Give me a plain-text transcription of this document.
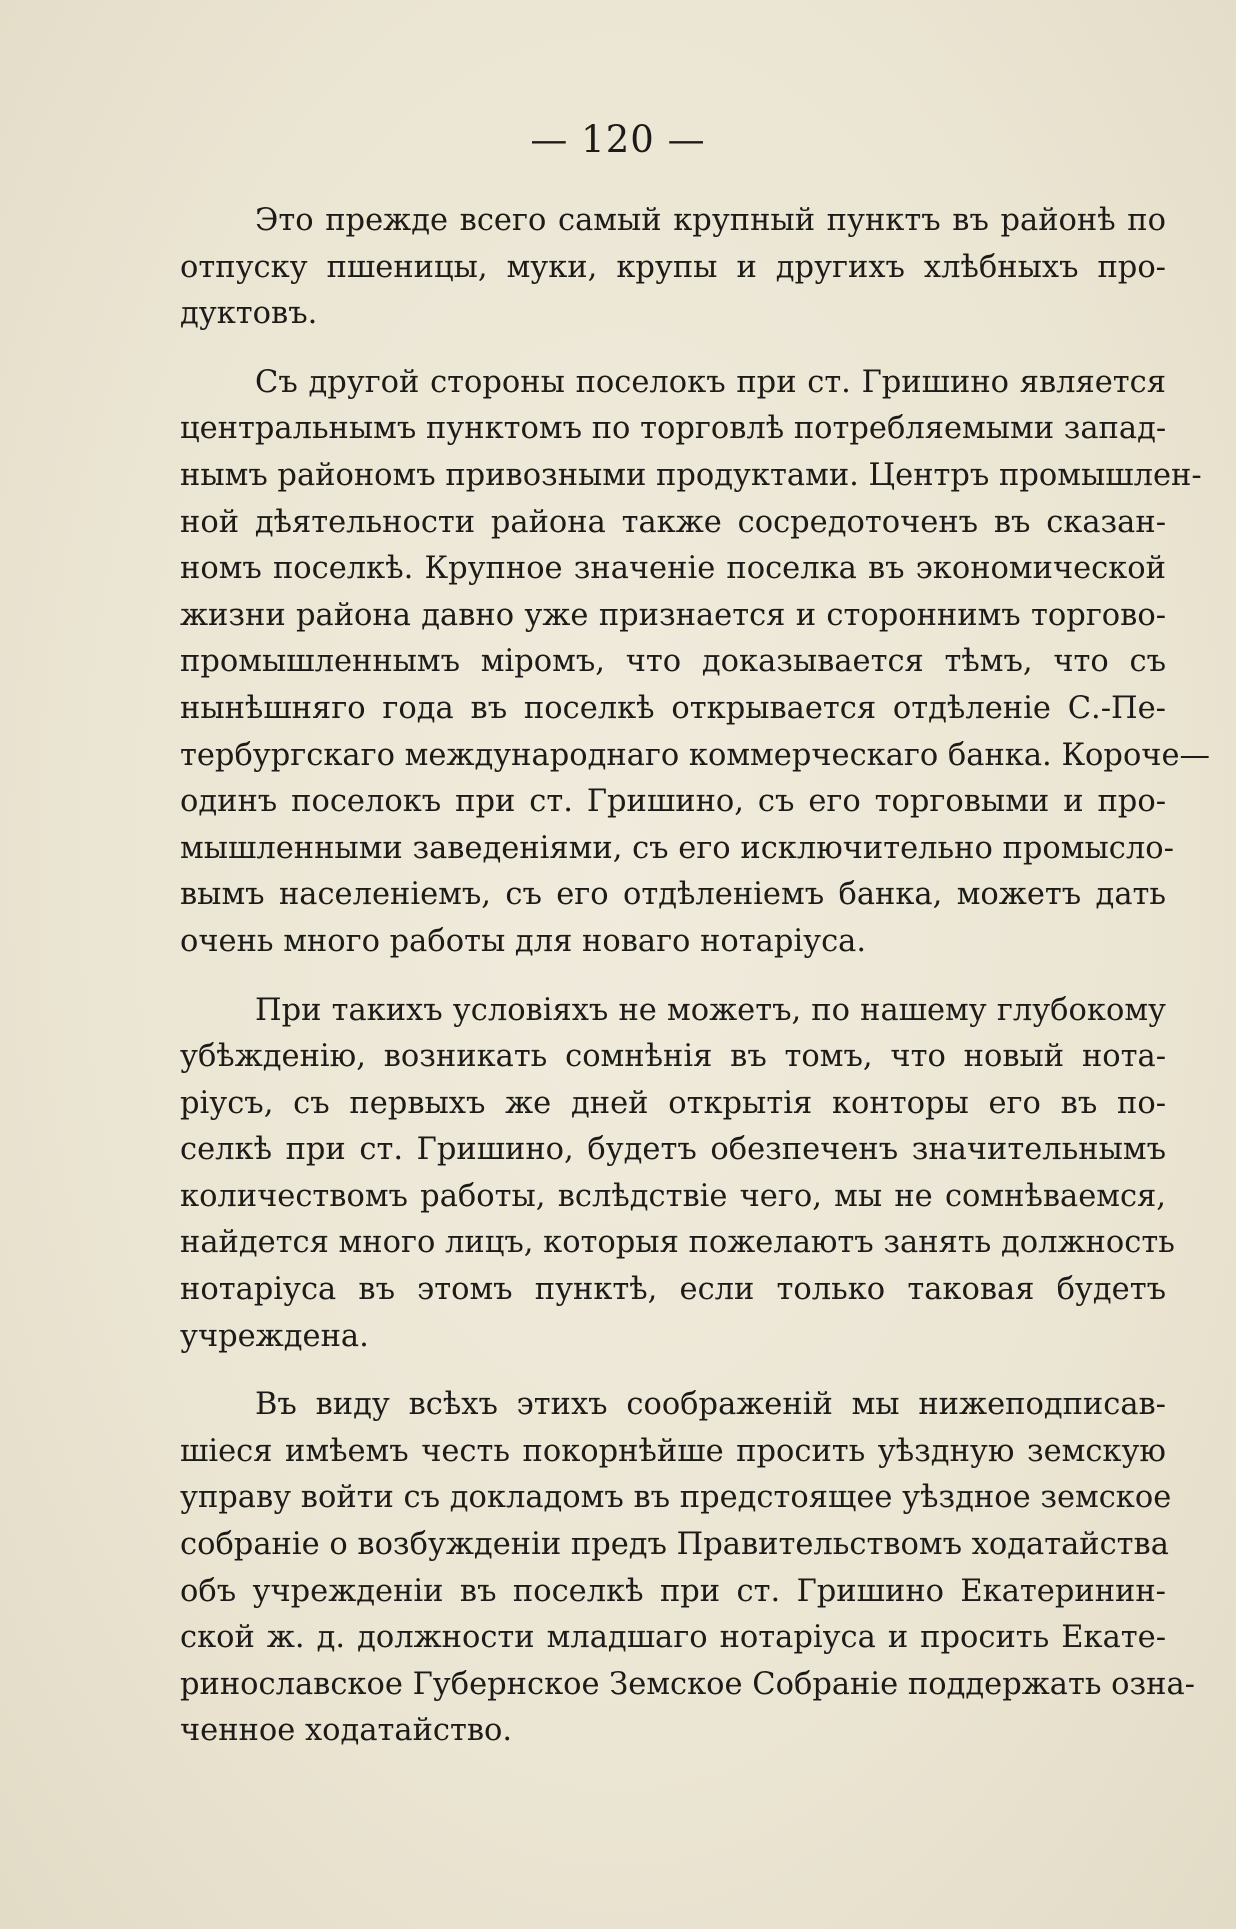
— 120 —

Это прежде всего самый крупный пунктъ въ районѣ по
отпуску пшеницы, муки, крупы и другихъ хлѣбныхъ про-
дуктовъ.

Съ другой стороны поселокъ при ст. Гришино является
центральнымъ пунктомъ по торговлѣ потребляемыми запад-
нымъ райономъ привозными продуктами. Центръ промышлен-
ной дѣятельности района также сосредоточенъ въ сказан-
номъ поселкѣ. Крупное значеніе поселка въ экономической
жизни района давно уже признается и стороннимъ торгово-
промышленнымъ міромъ, что доказывается тѣмъ, что съ
нынѣшняго года въ поселкѣ открывается отдѣленіе С.-Пе-
тербургскаго международнаго коммерческаго банка. Короче—
одинъ поселокъ при ст. Гришино, съ его торговыми и про-
мышленными заведеніями, съ его исключительно промысло-
вымъ населеніемъ, съ его отдѣленіемъ банка, можетъ дать
очень много работы для новаго нотаріуса.

При такихъ условіяхъ не можетъ, по нашему глубокому
убѣжденію, возникать сомнѣнія въ томъ, что новый нота-
ріусъ, съ первыхъ же дней открытія конторы его въ по-
селкѣ при ст. Гришино, будетъ обезпеченъ значительнымъ
количествомъ работы, вслѣдствіе чего, мы не сомнѣваемся,
найдется много лицъ, которыя пожелаютъ занять должность
нотаріуса въ этомъ пунктѣ, если только таковая будетъ
учреждена.

Въ виду всѣхъ этихъ соображеній мы нижеподписав-
шіеся имѣемъ честь покорнѣйше просить уѣздную земскую
управу войти съ докладомъ въ предстоящее уѣздное земское
собраніе о возбужденіи предъ Правительствомъ ходатайства
объ учрежденіи въ поселкѣ при ст. Гришино Екатеринин-
ской ж. д. должности младшаго нотаріуса и просить Екате-
ринославское Губернское Земское Собраніе поддержать озна-
ченное ходатайство.
